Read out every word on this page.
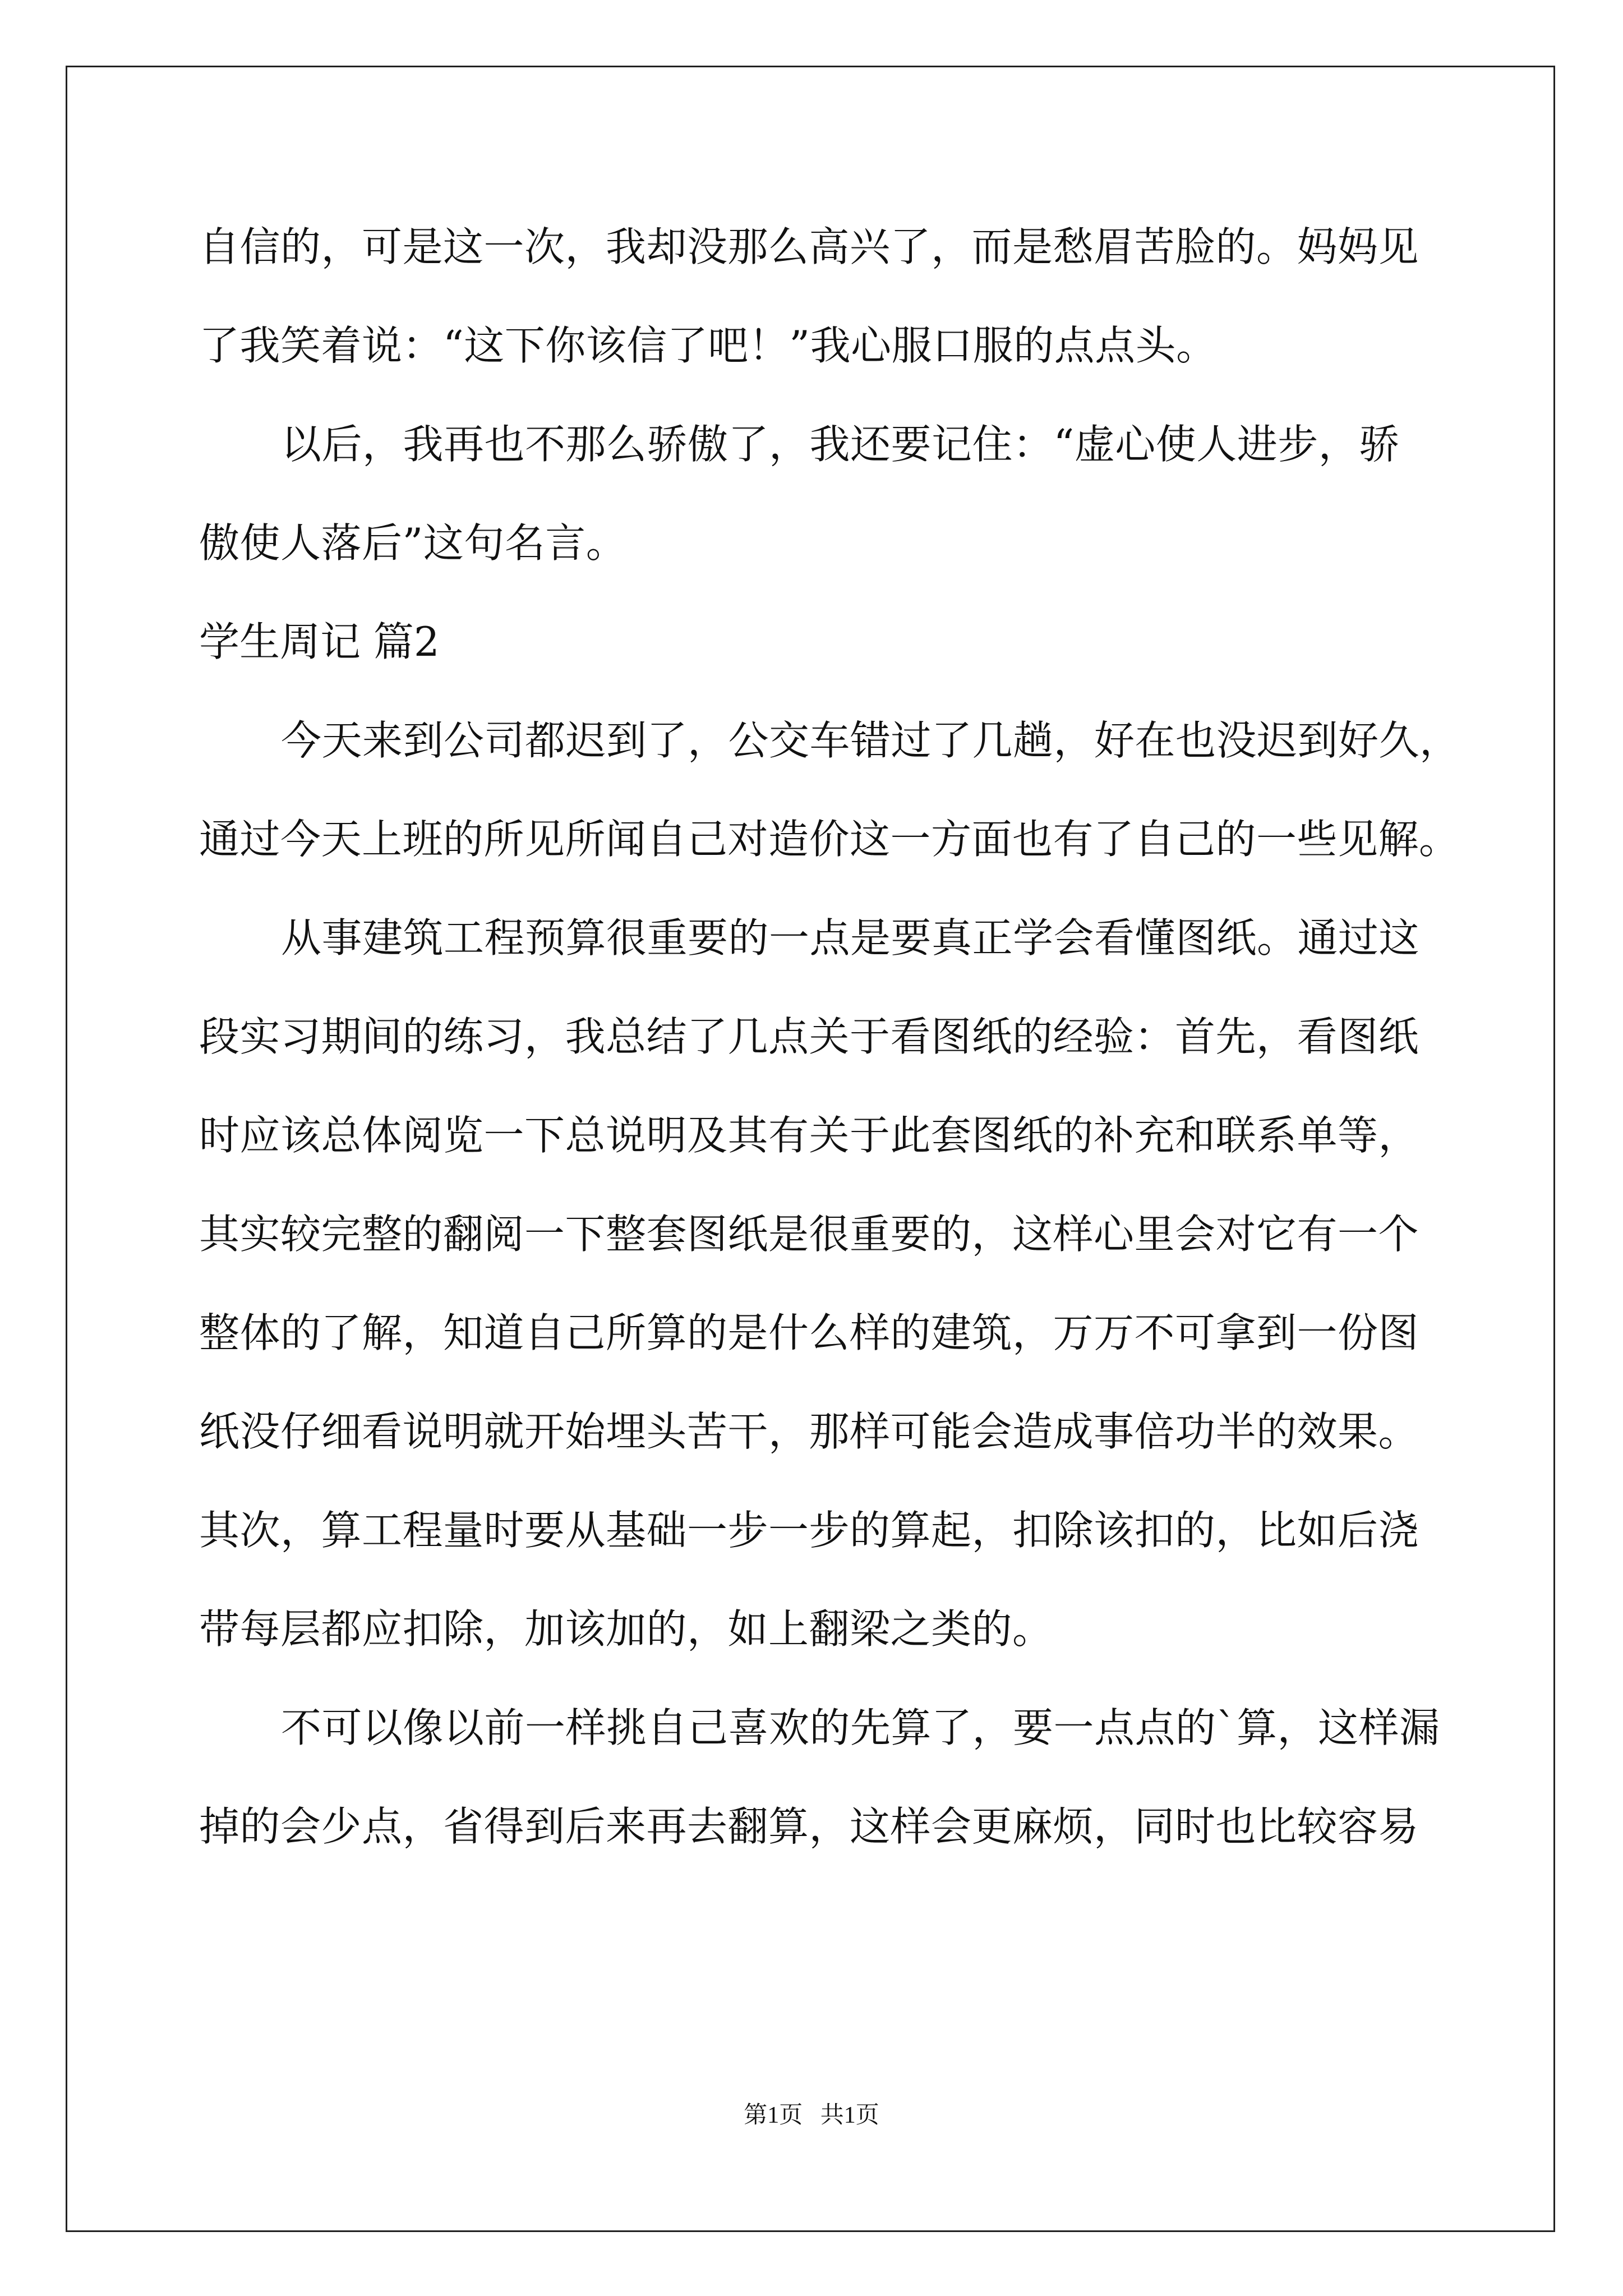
自信的，可是这一次，我却没那么高兴了，而是愁眉苦脸的。妈妈见
了我笑着说：“这下你该信了吧！”我心服口服的点点头。
以后，我再也不那么骄傲了，我还要记住：“虚心使人进步，骄
傲使人落后”这句名言。
学生周记 篇2
今天来到公司都迟到了，公交车错过了几趟，好在也没迟到好久，
通过今天上班的所见所闻自己对造价这一方面也有了自己的一些见解。
从事建筑工程预算很重要的一点是要真正学会看懂图纸。通过这
段实习期间的练习，我总结了几点关于看图纸的经验：首先，看图纸
时应该总体阅览一下总说明及其有关于此套图纸的补充和联系单等，
其实较完整的翻阅一下整套图纸是很重要的，这样心里会对它有一个
整体的了解，知道自己所算的是什么样的建筑，万万不可拿到一份图
纸没仔细看说明就开始埋头苦干，那样可能会造成事倍功半的效果。
其次，算工程量时要从基础一步一步的算起，扣除该扣的，比如后浇
带每层都应扣除，加该加的，如上翻梁之类的。
不可以像以前一样挑自己喜欢的先算了，要一点点的`算，这样漏
掉的会少点，省得到后来再去翻算，这样会更麻烦，同时也比较容易
第1页   共1页
